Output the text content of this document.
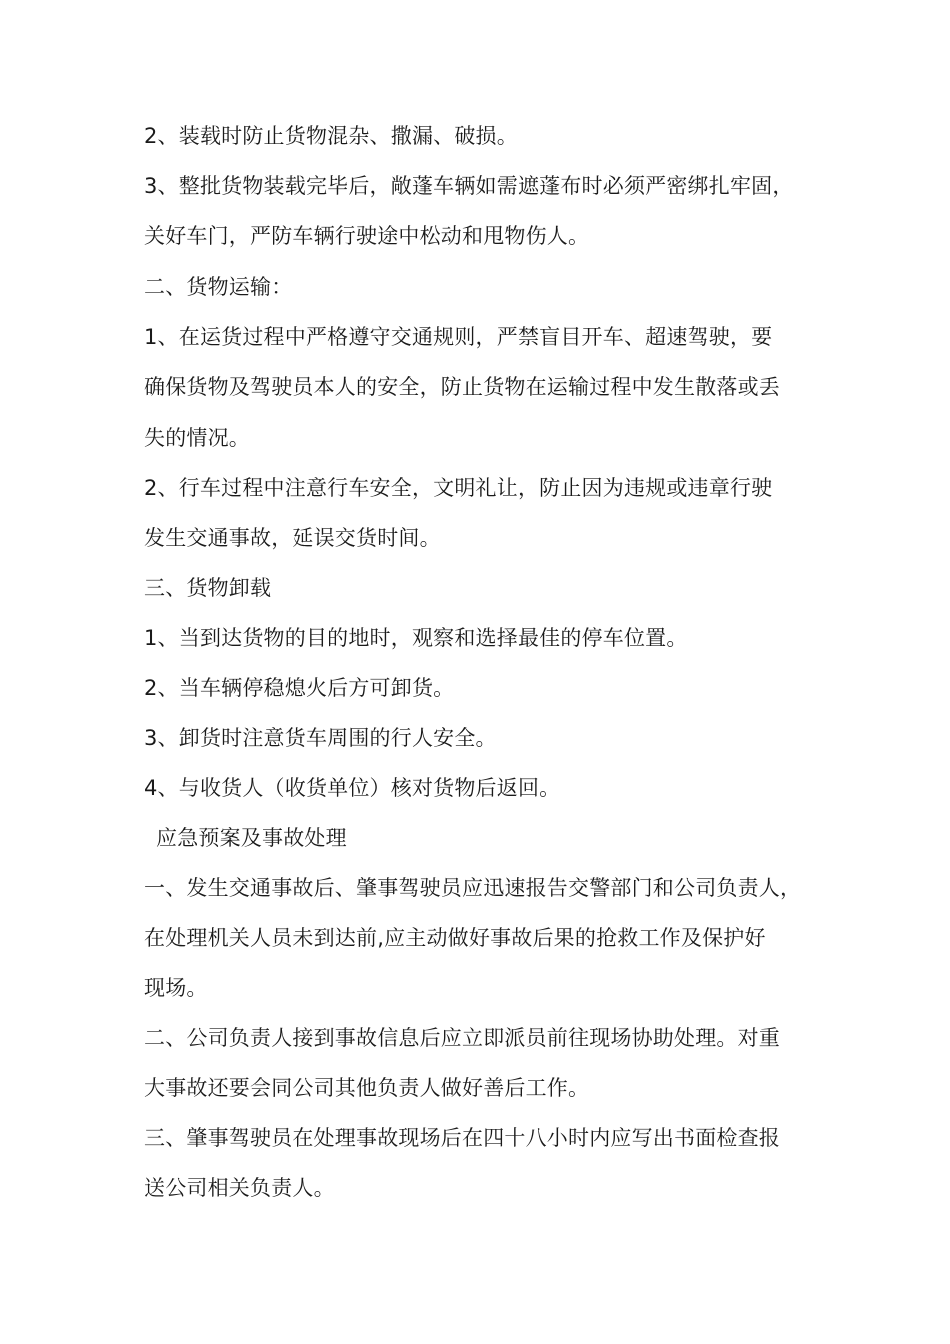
2、装载时防止货物混杂、撒漏、破损。
3、整批货物装载完毕后，敞蓬车辆如需遮蓬布时必须严密绑扎牢固，
关好车门，严防车辆行驶途中松动和甩物伤人。
二、货物运输：
1、在运货过程中严格遵守交通规则，严禁盲目开车、超速驾驶，要
确保货物及驾驶员本人的安全，防止货物在运输过程中发生散落或丢
失的情况。
2、行车过程中注意行车安全，文明礼让，防止因为违规或违章行驶
发生交通事故，延误交货时间。
三、货物卸载
1、当到达货物的目的地时，观察和选择最佳的停车位置。
2、当车辆停稳熄火后方可卸货。
3、卸货时注意货车周围的行人安全。
4、与收货人（收货单位）核对货物后返回。
应急预案及事故处理
一、发生交通事故后、肇事驾驶员应迅速报告交警部门和公司负责人，
在处理机关人员未到达前,应主动做好事故后果的抢救工作及保护好
现场。
二、公司负责人接到事故信息后应立即派员前往现场协助处理。对重
大事故还要会同公司其他负责人做好善后工作。
三、肇事驾驶员在处理事故现场后在四十八小时内应写出书面检查报
送公司相关负责人。
